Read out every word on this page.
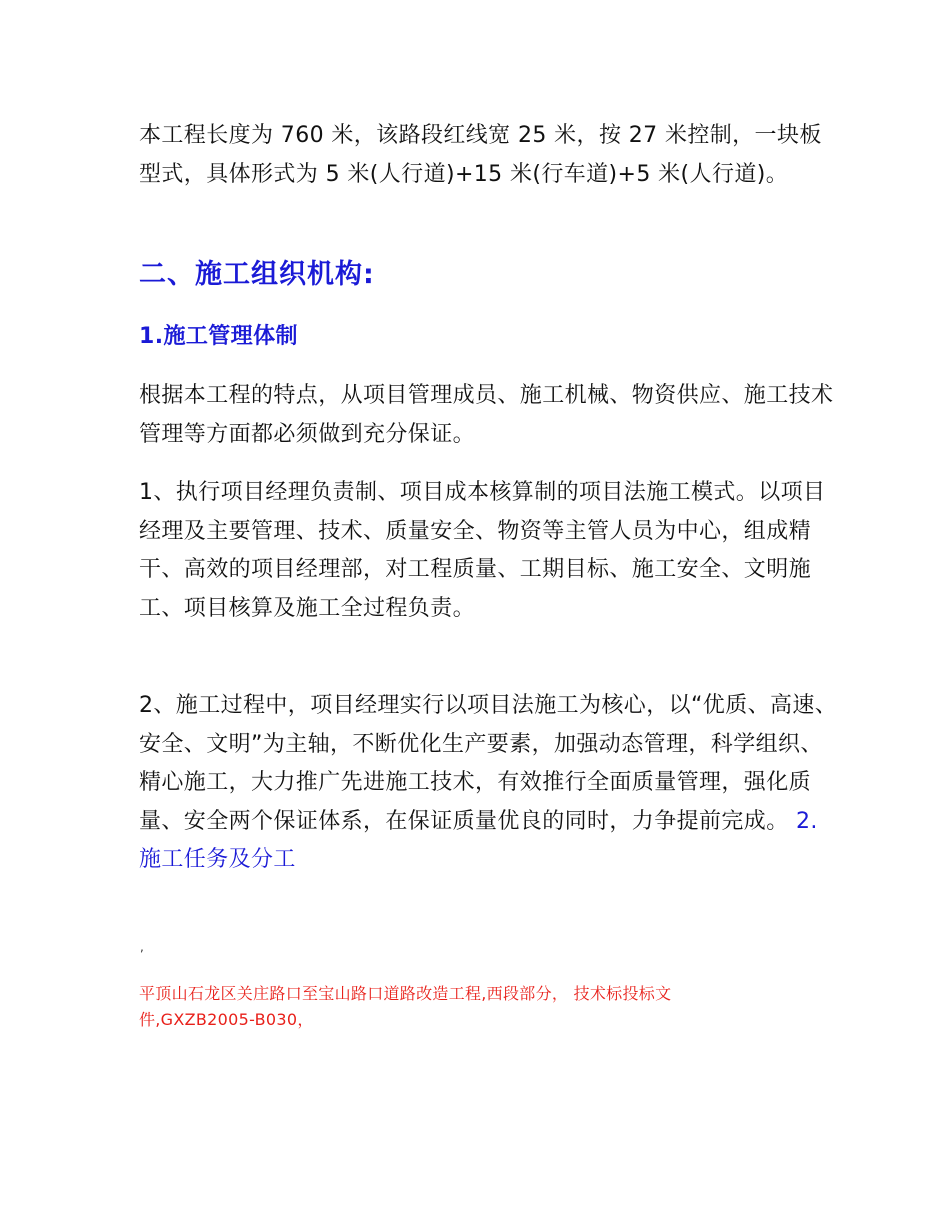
本工程长度为 760 米，该路段红线宽 25 米，按 27 米控制，一块板型式，具体形式为 5 米(人行道)+15 米(行车道)+5 米(人行道)。

二、施工组织机构:
1.施工管理体制

根据本工程的特点，从项目管理成员、施工机械、物资供应、施工技术管理等方面都必须做到充分保证。

1、执行项目经理负责制、项目成本核算制的项目法施工模式。以项目经理及主要管理、技术、质量安全、物资等主管人员为中心，组成精干、高效的项目经理部，对工程质量、工期目标、施工安全、文明施工、项目核算及施工全过程负责。

2、施工过程中，项目经理实行以项目法施工为核心，以“优质、高速、安全、文明”为主轴，不断优化生产要素，加强动态管理，科学组织、精心施工，大力推广先进施工技术，有效推行全面质量管理，强化质量、安全两个保证体系，在保证质量优良的同时，力争提前完成。 2.施工任务及分工

,

平顶山石龙区关庄路口至宝山路口道路改造工程,西段部分， 技术标投标文件,GXZB2005-B030，
